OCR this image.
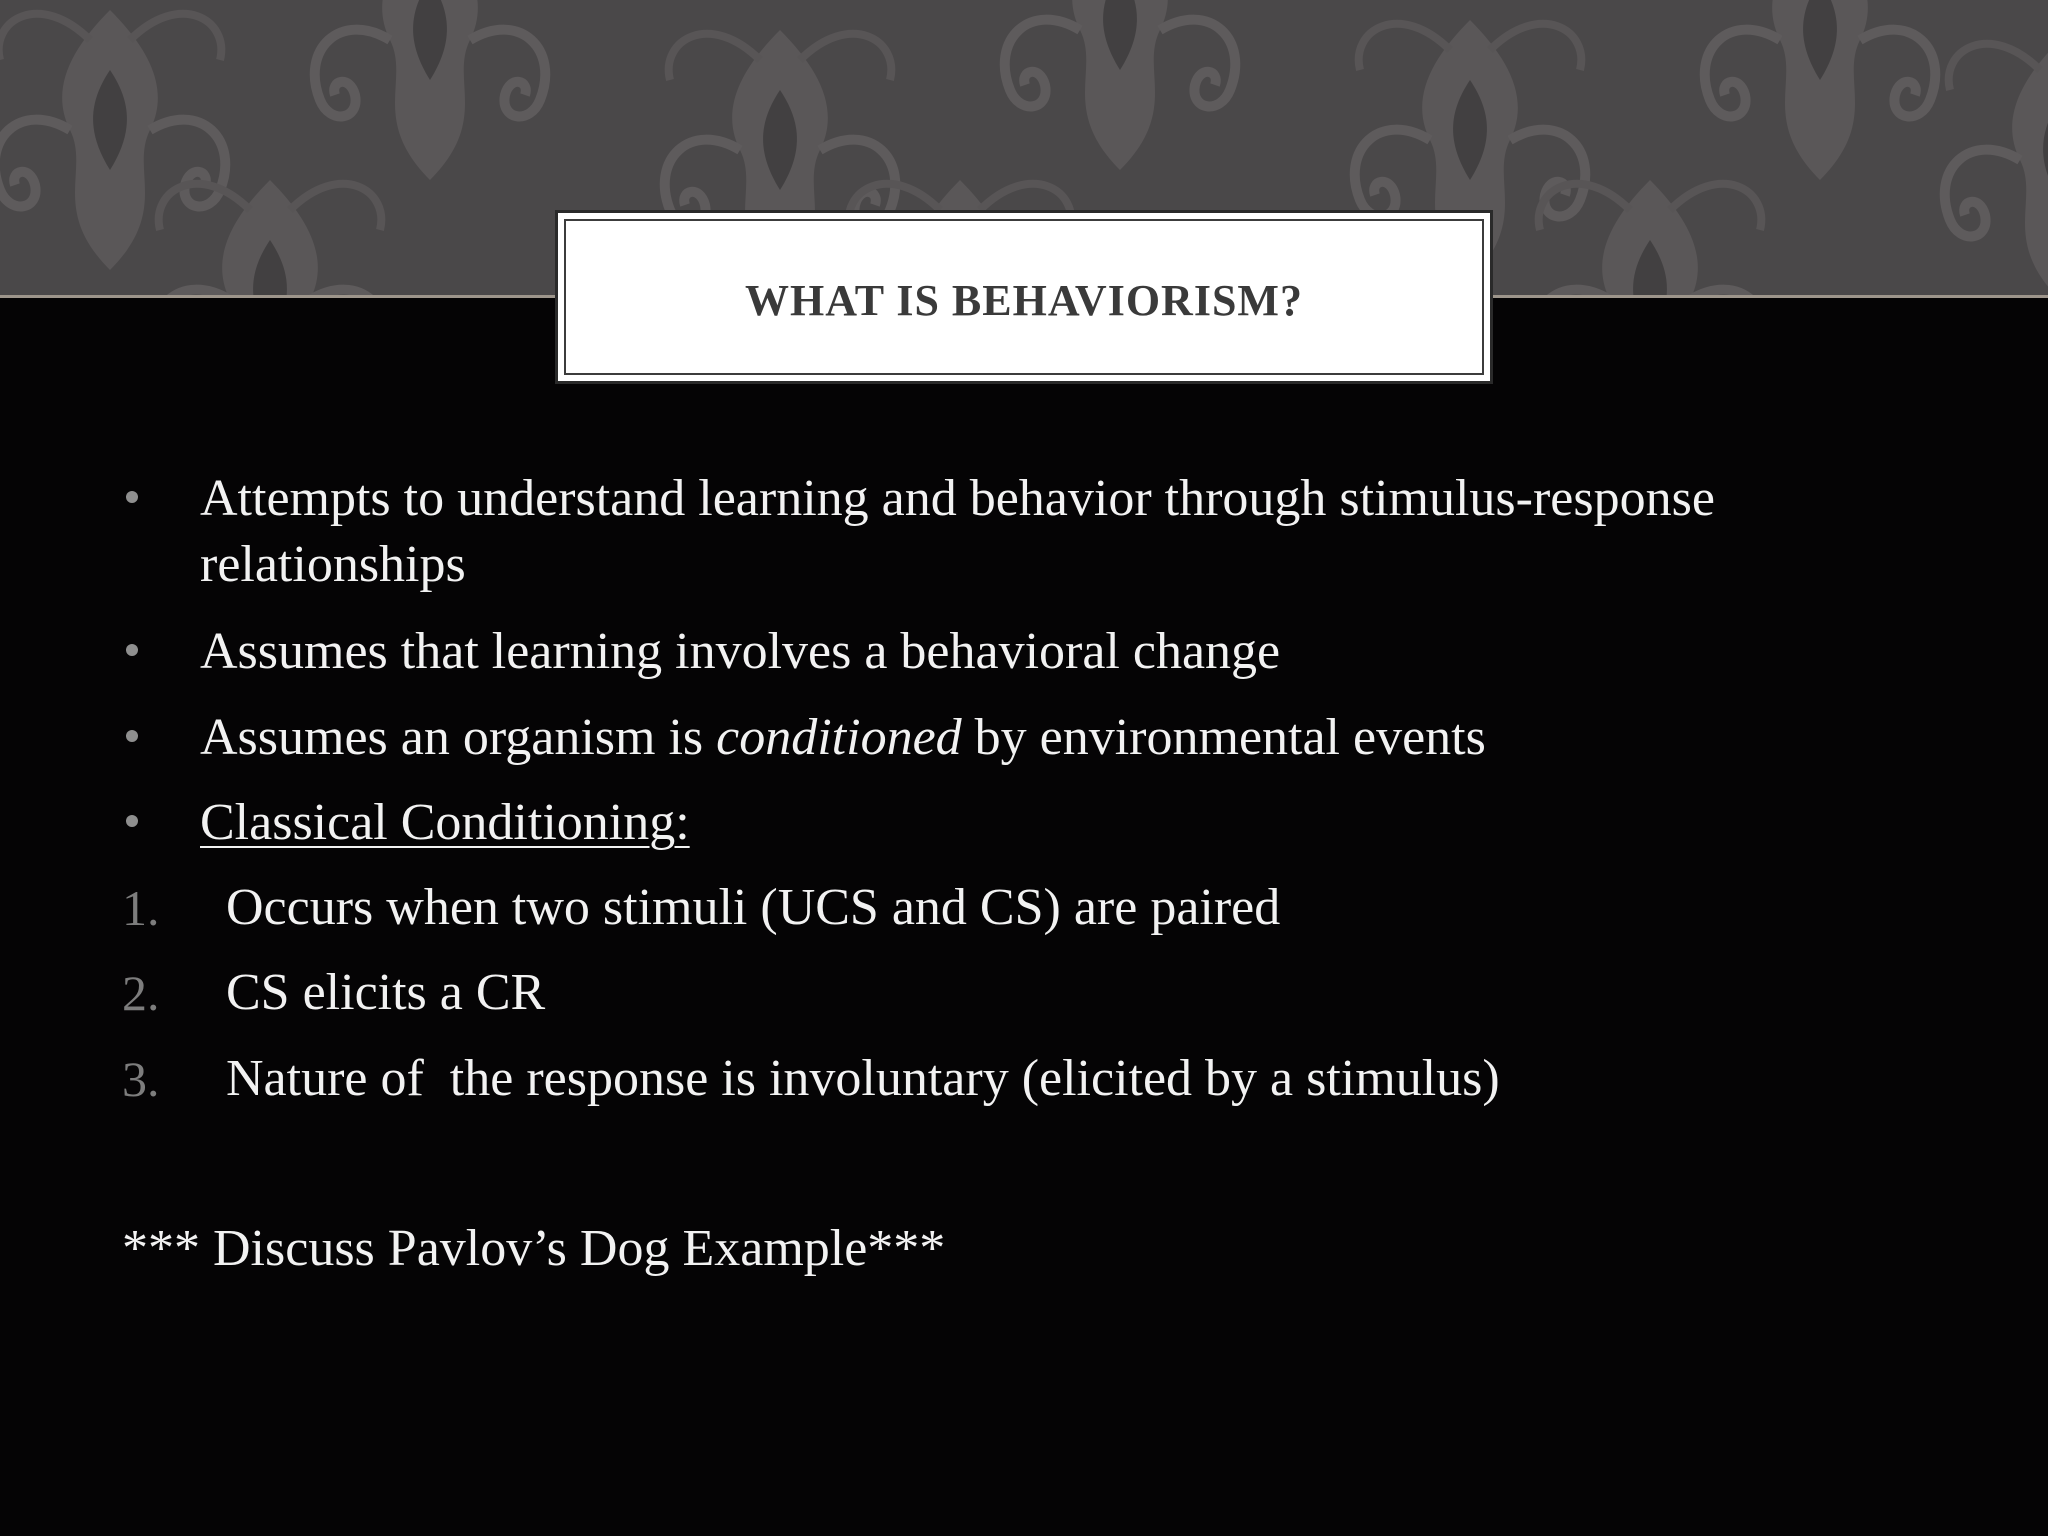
WHAT IS BEHAVIORISM?
Attempts to understand learning and behavior through stimulus-response
relationships
Assumes that learning involves a behavioral change
Assumes an organism is conditioned by environmental events
Classical Conditioning:
1. Occurs when two stimuli (UCS and CS) are paired
2. CS elicits a CR
3. Nature of  the response is involuntary (elicited by a stimulus)
*** Discuss Pavlov’s Dog Example***
